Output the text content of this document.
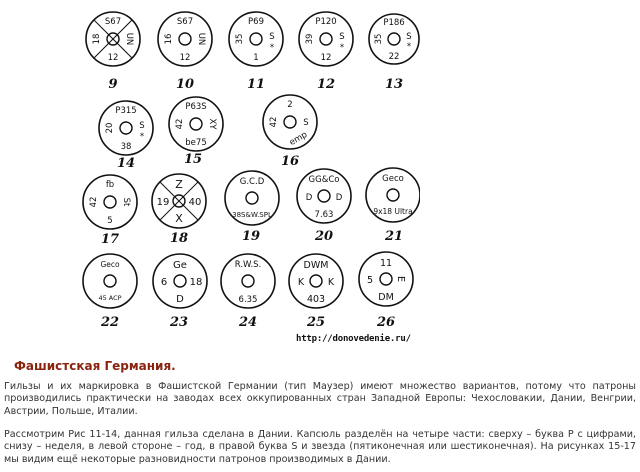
S67
UN
12
18
9
S67
UN
12
16
10
P69
S
*
1
35
11
P120
S
*
12
39
12
P186
S
*
22
35
13
P315
S
*
38
20
14
P63S
XY
be75
42
15
2
S
emp
42
16
fb
St
5
42
17
Z
40
X
19
18
G.C.D
38S&W.SPL
19
GG&Co
D	D
7.63
20
Geco
9x18 Ultra
21
Geco
45 ACP
22
Ge
18
D
6
23
R.W.S.
6.35
24
DWM
K	K
403
25
11
E
DM
5
26
http://donovedenie.ru/
Фашистская Германия.
Гильзы и их маркировка в Фашистской Германии (тип Маузер) имеют множество вариантов, потому что патроны производились практически на заводах всех оккупированных стран Западной Европы: Чехословакии, Дании, Венгрии, Австрии, Польше, Италии.
Рассмотрим Рис 11-14, данная гильза сделана в Дании. Капсюль разделён на четыре части: сверху – буква Р с цифрами, снизу – неделя, в левой стороне – год, в правой буква S и звезда (пятиконечная или шестиконечная). На рисунках 15-17 мы видим ещё некоторые разновидности патронов производимых в Дании.
